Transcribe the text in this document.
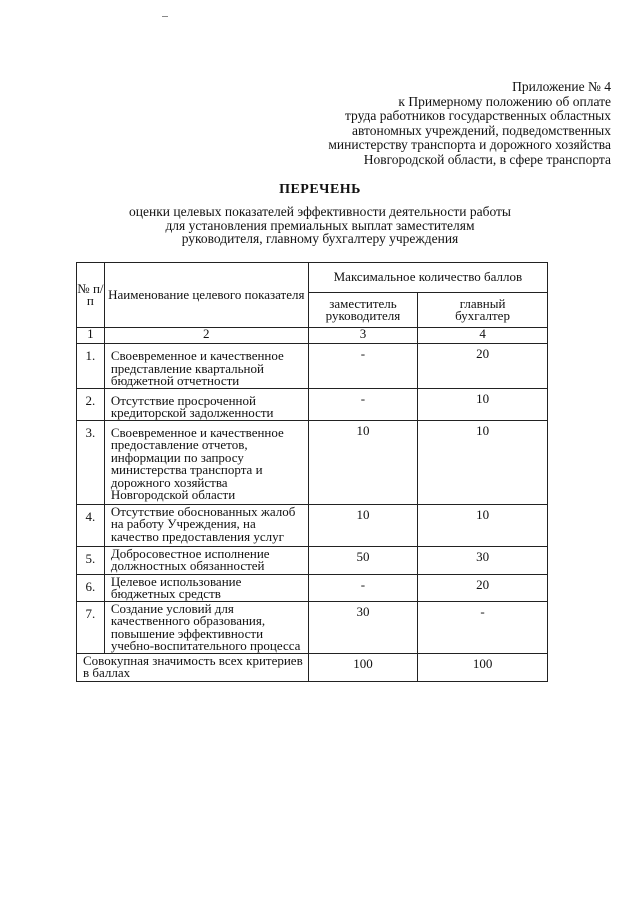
Приложение № 4
к Примерному положению об оплате
труда работников государственных областных
автономных учреждений, подведомственных
министерству транспорта и дорожного хозяйства
Новгородской области, в сфере транспорта
ПЕРЕЧЕНЬ
оценки целевых показателей эффективности деятельности работы
для установления премиальных выплат заместителям
руководителя, главному бухгалтеру учреждения
№ п/п	Наименование целевого показателя	Максимальное количество баллов	
		заместитель руководителя	главный бухгалтер
1	2	3	4
1.	Своевременное и качественное представление квартальной бюджетной отчетности	-	20
2.	Отсутствие просроченной кредиторской задолженности	-	10
3.	Своевременное и качественное предоставление отчетов, информации по запросу министерства транспорта и дорожного хозяйства Новгородской области	10	10
4.	Отсутствие обоснованных жалоб на работу Учреждения, на качество предоставления услуг	10	10
5.	Добросовестное исполнение должностных обязанностей	50	30
6.	Целевое использование бюджетных средств	-	20
7.	Создание условий для качественного образования, повышение эффективности учебно-воспитательного процесса	30	-
Совокупная значимость всех критериев в баллах		100	100
